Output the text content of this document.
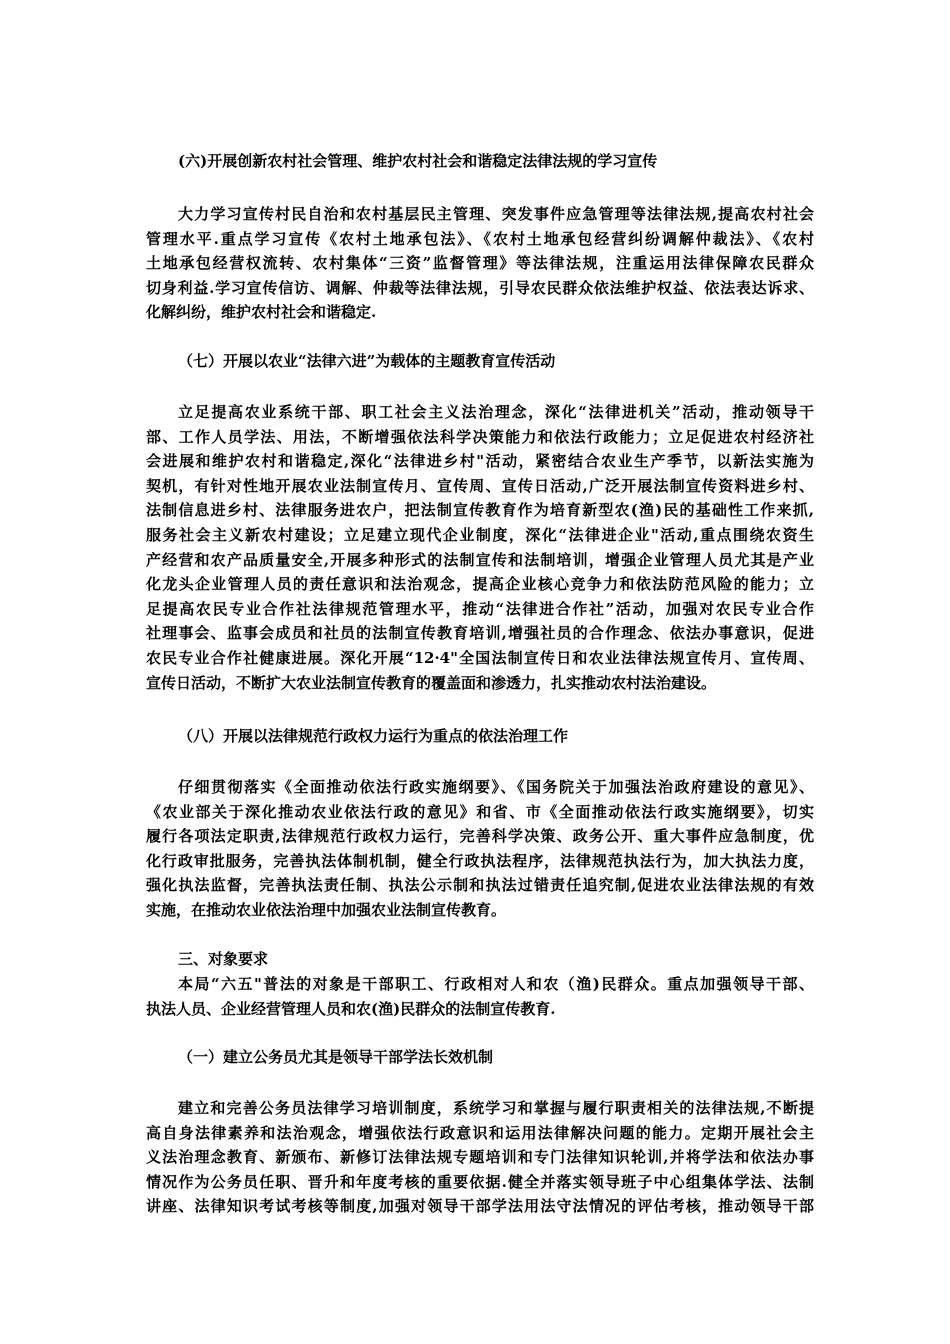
(六)开展创新农村社会管理、维护农村社会和谐稳定法律法规的学习宣传
大力学习宣传村民自治和农村基层民主管理、突发事件应急管理等法律法规,提高农村社会
管理水平.重点学习宣传《农村土地承包法》、《农村土地承包经营纠纷调解仲裁法》、《农村
土地承包经营权流转、农村集体“三资”监督管理》等法律法规，注重运用法律保障农民群众
切身利益.学习宣传信访、调解、仲裁等法律法规，引导农民群众依法维护权益、依法表达诉求、
化解纠纷，维护农村社会和谐稳定.
（七）开展以农业“法律六进”为载体的主题教育宣传活动
立足提高农业系统干部、职工社会主义法治理念，深化“法律进机关”活动，推动领导干
部、工作人员学法、用法，不断增强依法科学决策能力和依法行政能力；立足促进农村经济社
会进展和维护农村和谐稳定,深化“法律进乡村"活动，紧密结合农业生产季节，以新法实施为
契机，有针对性地开展农业法制宣传月、宣传周、宣传日活动,广泛开展法制宣传资料进乡村、
法制信息进乡村、法律服务进农户，把法制宣传教育作为培育新型农(渔)民的基础性工作来抓,
服务社会主义新农村建设；立足建立现代企业制度，深化“法律进企业"活动,重点围绕农资生
产经营和农产品质量安全,开展多种形式的法制宣传和法制培训，增强企业管理人员尤其是产业
化龙头企业管理人员的责任意识和法治观念，提高企业核心竞争力和依法防范风险的能力；立
足提高农民专业合作社法律规范管理水平，推动“法律进合作社”活动，加强对农民专业合作
社理事会、监事会成员和社员的法制宣传教育培训,增强社员的合作理念、依法办事意识，促进
农民专业合作社健康进展。深化开展“12·4"全国法制宣传日和农业法律法规宣传月、宣传周、
宣传日活动，不断扩大农业法制宣传教育的覆盖面和渗透力，扎实推动农村法治建设。
（八）开展以法律规范行政权力运行为重点的依法治理工作
仔细贯彻落实《全面推动依法行政实施纲要》、《国务院关于加强法治政府建设的意见》、
《农业部关于深化推动农业依法行政的意见》和省、市《全面推动依法行政实施纲要》，切实
履行各项法定职责,法律规范行政权力运行，完善科学决策、政务公开、重大事件应急制度，优
化行政审批服务，完善执法体制机制，健全行政执法程序，法律规范执法行为，加大执法力度，
强化执法监督，完善执法责任制、执法公示制和执法过错责任追究制,促进农业法律法规的有效
实施，在推动农业依法治理中加强农业法制宣传教育。
三、对象要求
本局“六五"普法的对象是干部职工、行政相对人和农（渔)民群众。重点加强领导干部、
执法人员、企业经营管理人员和农(渔)民群众的法制宣传教育.
（一）建立公务员尤其是领导干部学法长效机制
建立和完善公务员法律学习培训制度，系统学习和掌握与履行职责相关的法律法规,不断提
高自身法律素养和法治观念，增强依法行政意识和运用法律解决问题的能力。定期开展社会主
义法治理念教育、新颁布、新修订法律法规专题培训和专门法律知识轮训,并将学法和依法办事
情况作为公务员任职、晋升和年度考核的重要依据.健全并落实领导班子中心组集体学法、法制
讲座、法律知识考试考核等制度,加强对领导干部学法用法守法情况的评估考核，推动领导干部
